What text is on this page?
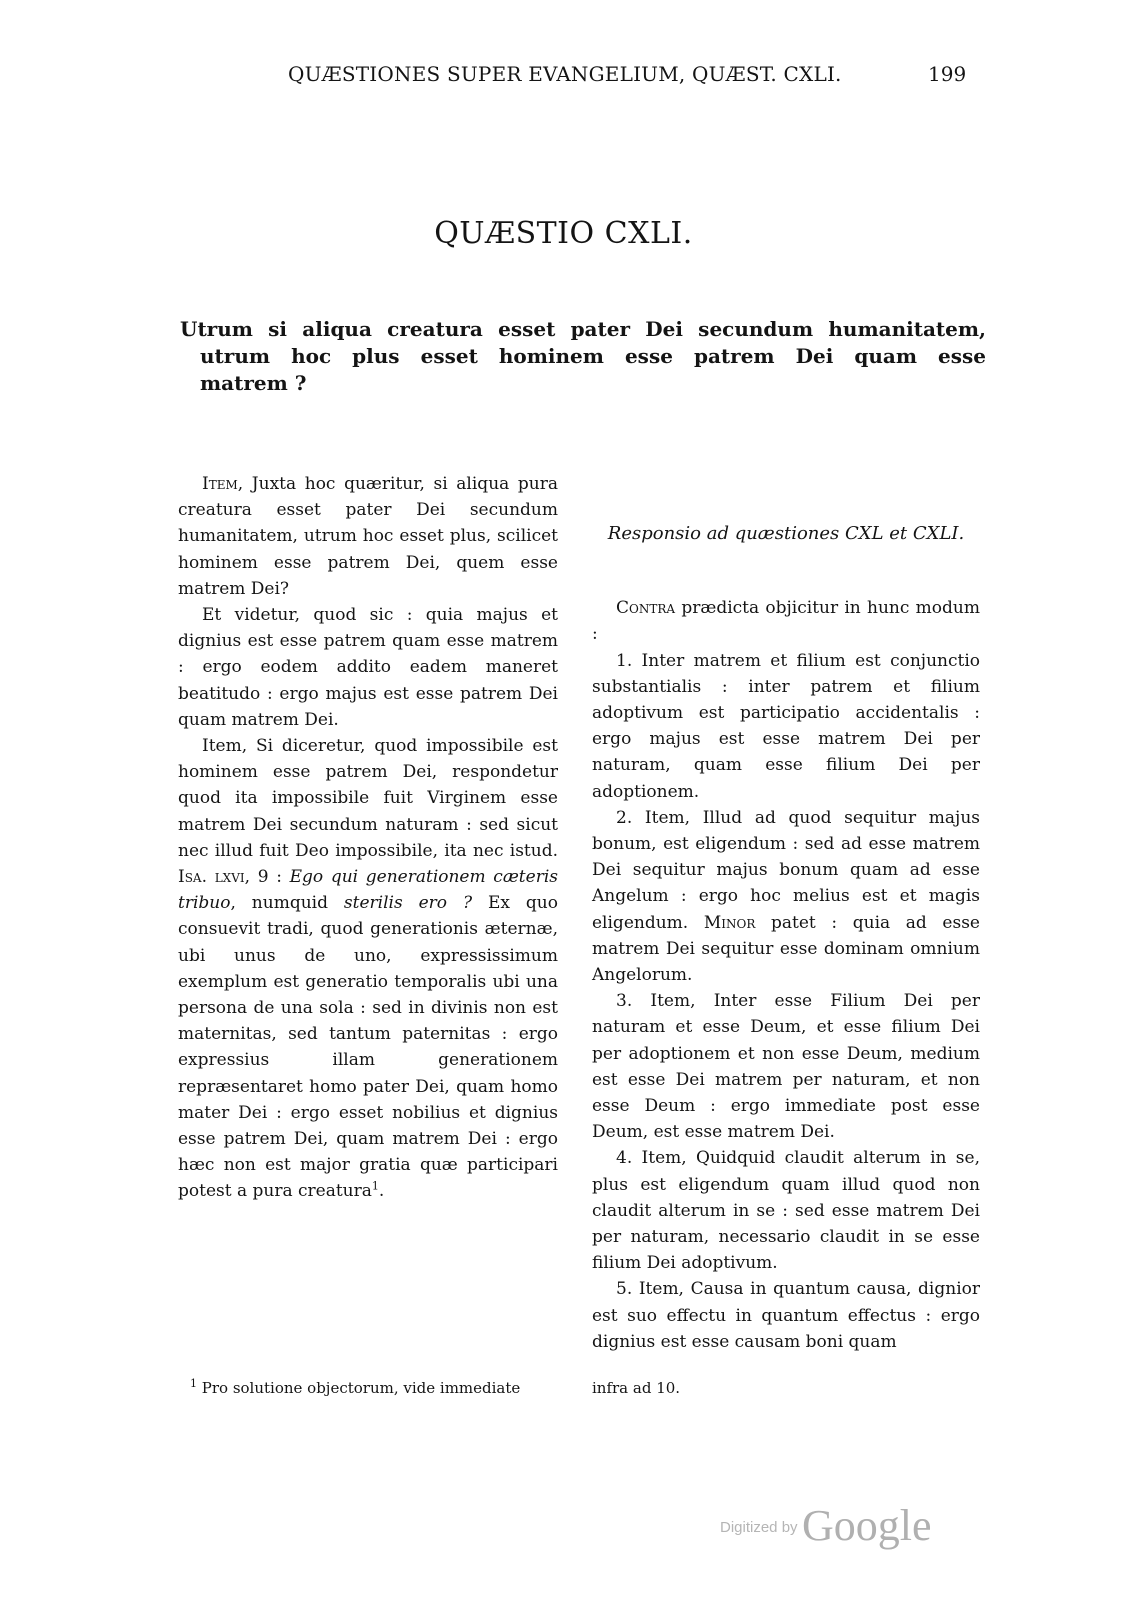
QUÆSTIONES SUPER EVANGELIUM, QUÆST. CXLI.	199
QUÆSTIO CXLI.
Utrum si aliqua creatura esset pater Dei secundum humanitatem,
utrum hoc plus esset hominem esse patrem Dei quam esse
matrem ?

Item, Juxta hoc quæritur, si aliqua pura creatura esset pater Dei secundum humanitatem, utrum hoc esset plus, scilicet hominem esse patrem Dei, quem esse matrem Dei?

Et videtur, quod sic : quia majus et dignius est esse patrem quam esse matrem : ergo eodem addito eadem maneret beatitudo : ergo majus est esse patrem Dei quam matrem Dei.

Item, Si diceretur, quod impossibile est hominem esse patrem Dei, respondetur quod ita impossibile fuit Virginem esse matrem Dei secundum naturam : sed sicut nec illud fuit Deo impossibile, ita nec istud. Isa. lxvi, 9 : Ego qui generationem cæteris tribuo, numquid sterilis ero ? Ex quo consuevit tradi, quod generationis æternæ, ubi unus de uno, expressissimum exemplum est generatio temporalis ubi una persona de una sola : sed in divinis non est maternitas, sed tantum paternitas : ergo expressius illam generationem repræsentaret homo pater Dei, quam homo mater Dei : ergo esset nobilius et dignius esse patrem Dei, quam matrem Dei : ergo hæc non est major gratia quæ participari potest a pura creatura$^1$.

Responsio ad quæstiones CXL et CXLI.

Contra prædicta objicitur in hunc modum :

1. Inter matrem et filium est conjunctio substantialis : inter patrem et filium adoptivum est participatio accidentalis : ergo majus est esse matrem Dei per naturam, quam esse filium Dei per adoptionem.

2. Item, Illud ad quod sequitur majus bonum, est eligendum : sed ad esse matrem Dei sequitur majus bonum quam ad esse Angelum : ergo hoc melius est et magis eligendum. Minor patet : quia ad esse matrem Dei sequitur esse dominam omnium Angelorum.

3. Item, Inter esse Filium Dei per naturam et esse Deum, et esse filium Dei per adoptionem et non esse Deum, medium est esse Dei matrem per naturam, et non esse Deum : ergo immediate post esse Deum, est esse matrem Dei.

4. Item, Quidquid claudit alterum in se, plus est eligendum quam illud quod non claudit alterum in se : sed esse matrem Dei per naturam, necessario claudit in se esse filium Dei adoptivum.

5. Item, Causa in quantum causa, dignior est suo effectu in quantum effectus : ergo dignius est esse causam boni quam

$^1$ Pro solutione objectorum, vide immediate	infra ad 10.
Digitized by Google
